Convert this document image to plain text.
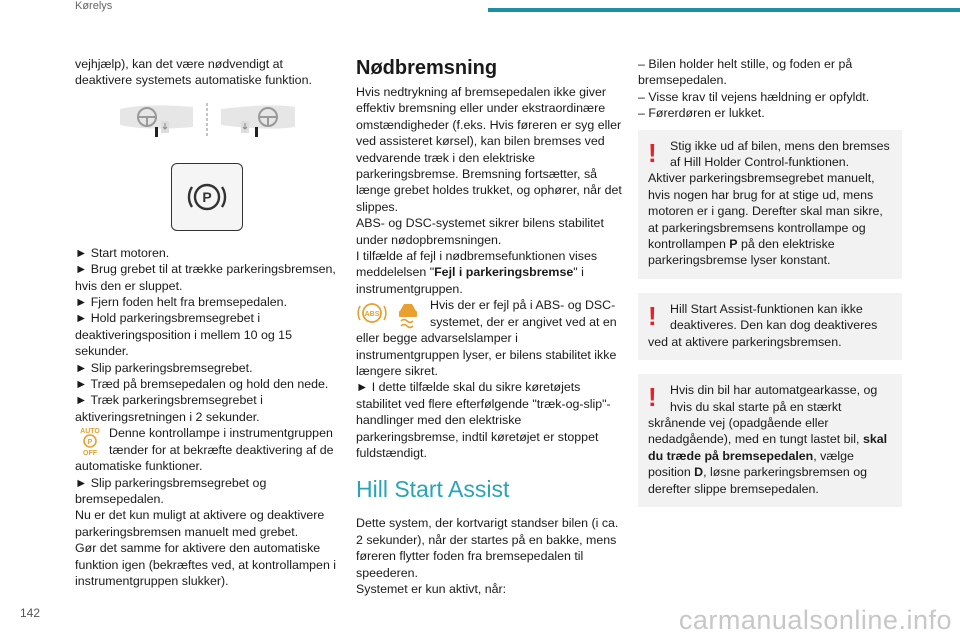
Kørelys

vejhjælp), kan det være nødvendigt at deaktivere systemets automatiske funktion.

P

► Start motoren.

► Brug grebet til at trække parkeringsbremsen, hvis den er sluppet.

► Fjern foden helt fra bremsepedalen.

► Hold parkeringsbremsegrebet i deaktiveringsposition i mellem 10 og 15 sekunder.

► Slip parkeringsbremsegrebet.

► Træd på bremsepedalen og hold den nede.

► Træk parkeringsbremsegrebet i aktiveringsretningen i 2 sekunder.

AUTO
P
OFF

Denne kontrollampe i instrumentgruppen tænder for at bekræfte deaktivering af de automatiske funktioner.

► Slip parkeringsbremsegrebet og bremsepedalen.

Nu er det kun muligt at aktivere og deaktivere parkeringsbremsen manuelt med grebet.

Gør det samme for aktivere den automatiske funktion igen (bekræftes ved, at kontrollampen i instrumentgruppen slukker).

Nødbremsning

Hvis nedtrykning af bremsepedalen ikke giver effektiv bremsning eller under ekstraordinære omstændigheder (f.eks. Hvis føreren er syg eller ved assisteret kørsel), kan bilen bremses ved vedvarende træk i den elektriske parkeringsbremse. Bremsning fortsætter, så længe grebet holdes trukket, og ophører, når det slippes.

ABS- og DSC-systemet sikrer bilens stabilitet under nødopbremsningen.

I tilfælde af fejl i nødbremsefunktionen vises meddelelsen "Fejl i parkeringsbremse" i instrumentgruppen.

ABS

Hvis der er fejl på i ABS- og DSC-systemet, der er angivet ved at en eller begge advarselslamper i instrumentgruppen lyser, er bilens stabilitet ikke længere sikret.

► I dette tilfælde skal du sikre køretøjets stabilitet ved flere efterfølgende "træk-og-slip"-handlinger med den elektriske parkeringsbremse, indtil køretøjet er stoppet fuldstændigt.

Hill Start Assist

Dette system, der kortvarigt standser bilen (i ca. 2 sekunder), når der startes på en bakke, mens føreren flytter foden fra bremsepedalen til speederen.

Systemet er kun aktivt, når:

– Bilen holder helt stille, og foden er på bremsepedalen.

– Visse krav til vejens hældning er opfyldt.

– Førerdøren er lukket.

!	Stig ikke ud af bilen, mens den bremses af Hill Holder Control-funktionen.

Aktiver parkeringsbremsegrebet manuelt, hvis nogen har brug for at stige ud, mens motoren er i gang. Derefter skal man sikre, at parkeringsbremsens kontrollampe og kontrollampen P på den elektriske parkeringsbremse lyser konstant.

!	Hill Start Assist-funktionen kan ikke deaktiveres. Den kan dog deaktiveres ved at aktivere parkeringsbremsen.

!	Hvis din bil har automatgearkasse, og hvis du skal starte på en stærkt skrånende vej (opadgående eller nedadgående), med en tungt lastet bil, skal du træde på bremsepedalen, vælge position D, løsne parkeringsbremsen og derefter slippe bremsepedalen.

142	carmanualsonline.info
